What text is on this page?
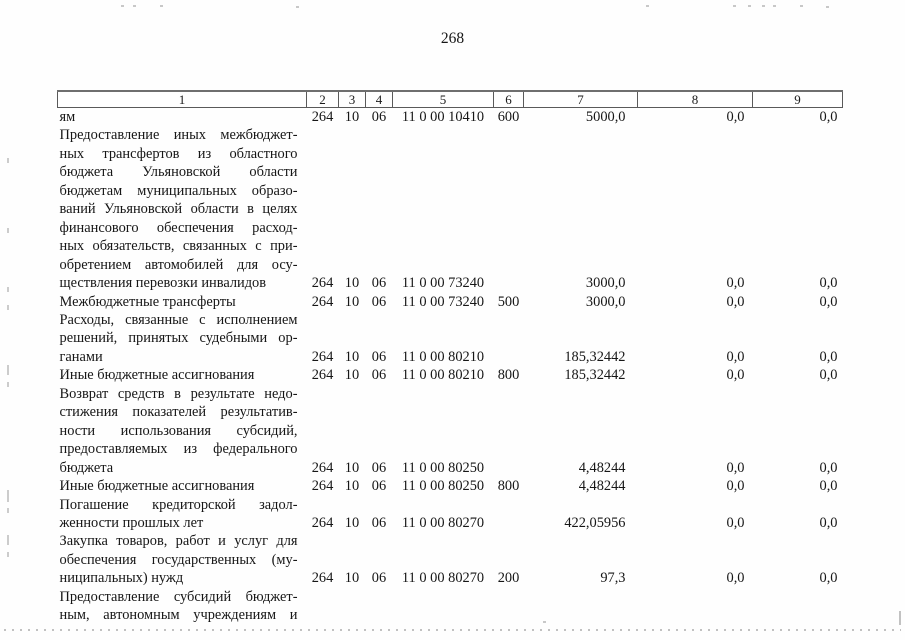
268
1	2	3	4	5	6	7	8	9

ям	264	10	06	11 0 00 10410	600	5000,0	0,0	0,0

Предоставление иных межбюджет-
ных трансфертов из областного
бюджета Ульяновской области
бюджетам муниципальных образо-
ваний Ульяновской области в целях
финансового обеспечения расход-
ных обязательств, связанных с при-
обретением автомобилей для осу-
ществления перевозки инвалидов	264	10	06	11 0 00 73240		3000,0	0,0	0,0

Межбюджетные трансферты	264	10	06	11 0 00 73240	500	3000,0	0,0	0,0

Расходы, связанные с исполнением
решений, принятых судебными ор-
ганами	264	10	06	11 0 00 80210		185,32442	0,0	0,0

Иные бюджетные ассигнования	264	10	06	11 0 00 80210	800	185,32442	0,0	0,0

Возврат средств в результате недо-
стижения показателей результатив-
ности использования субсидий,
предоставляемых из федерального
бюджета	264	10	06	11 0 00 80250		4,48244	0,0	0,0

Иные бюджетные ассигнования	264	10	06	11 0 00 80250	800	4,48244	0,0	0,0

Погашение кредиторской задол-
женности прошлых лет	264	10	06	11 0 00 80270		422,05956	0,0	0,0

Закупка товаров, работ и услуг для
обеспечения государственных (му-
ниципальных) нужд	264	10	06	11 0 00 80270	200	97,3	0,0	0,0

Предоставление субсидий бюджет-
ным, автономным учреждениям и								
